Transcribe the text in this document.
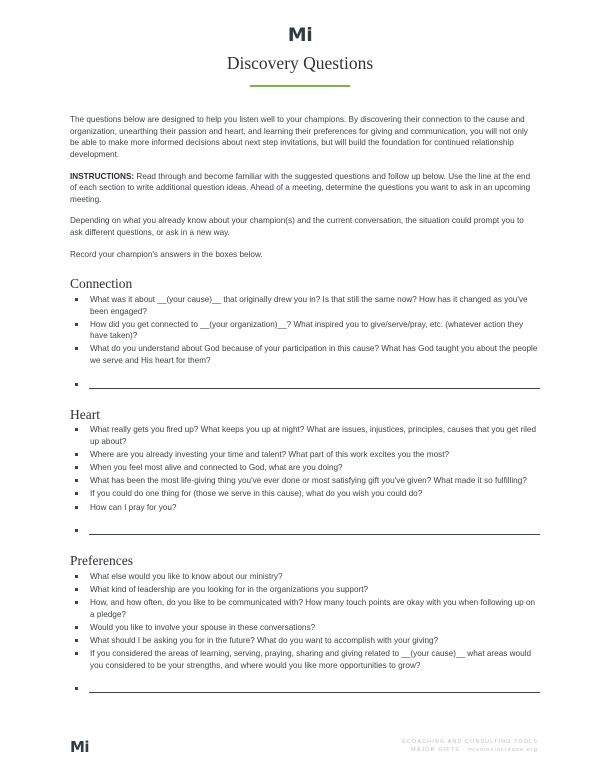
Mi
Discovery Questions

The questions below are designed to help you listen well to your champions. By discovering their connection to the cause and organization, unearthing their passion and heart, and learning their preferences for giving and communication, you will not only be able to make more informed decisions about next step invitations, but will build the foundation for continued relationship development.

INSTRUCTIONS: Read through and become familiar with the suggested questions and follow up below. Use the line at the end of each section to write additional question ideas. Ahead of a meeting, determine the questions you want to ask in an upcoming meeting.

Depending on what you already know about your champion(s) and the current conversation, the situation could prompt you to ask different questions, or ask in a new way.

Record your champion's answers in the boxes below.

Connection
What was it about __(your cause)__ that originally drew you in? Is that still the same now? How has it changed as you've been engaged?
How did you get connected to __(your organization)__? What inspired you to give/serve/pray, etc. (whatever action they have taken)?
What do you understand about God because of your participation in this cause? What has God taught you about the people we serve and His heart for them?
Heart
What really gets you fired up? What keeps you up at night? What are issues, injustices, principles, causes that you get riled up about?
Where are you already investing your time and talent? What part of this work excites you the most?
When you feel most alive and connected to God, what are you doing?
What has been the most life-giving thing you've ever done or most satisfying gift you've given? What made it so fulfilling?
If you could do one thing for (those we serve in this cause), what do you wish you could do?
How can I pray for you?
Preferences
What else would you like to know about our ministry?
What kind of leadership are you looking for in the organizations you support?
How, and how often, do you like to be communicated with? How many touch points are okay with you when following up on a pledge?
Would you like to involve your spouse in these conversations?
What should I be asking you for in the future? What do you want to accomplish with your giving?
If you considered the areas of learning, serving, praying, sharing and giving related to __(your cause)__ what areas would you considered to be your strengths, and where would you like more opportunities to grow?
Mi	GCOACHING AND CONSULTING TOOLS
MAJOR GIFTS · missionincrease.org
